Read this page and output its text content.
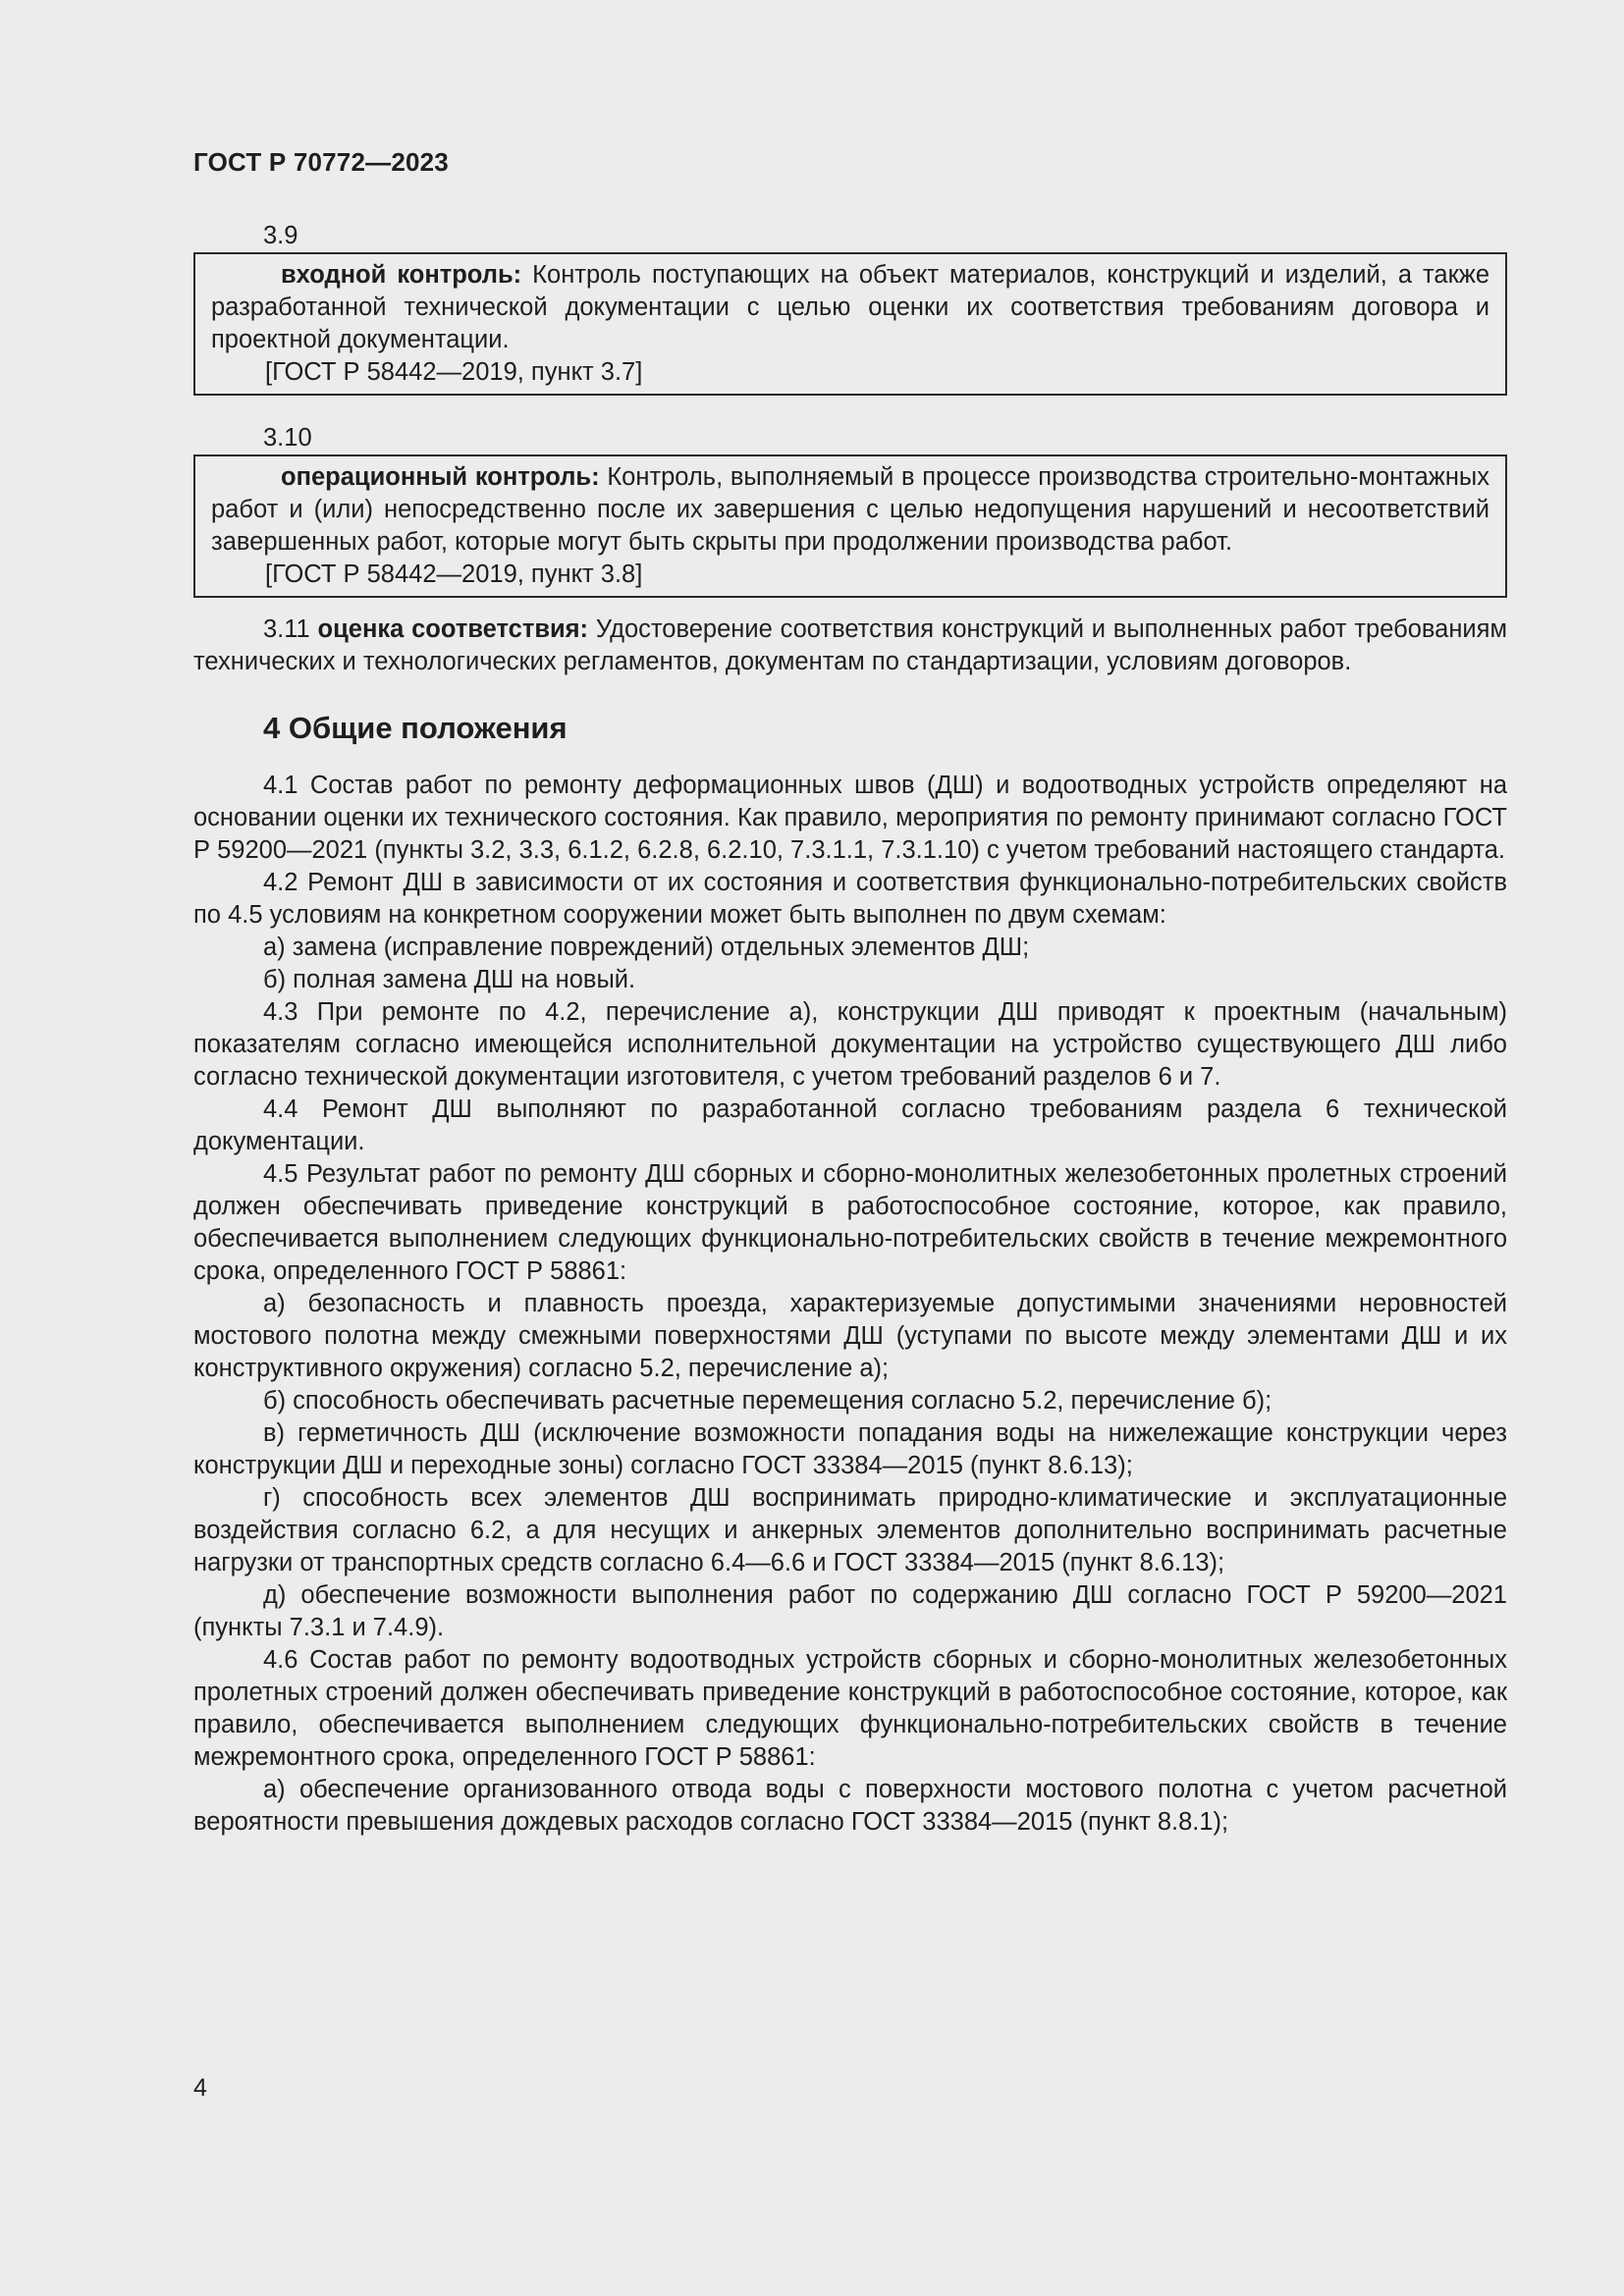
ГОСТ Р 70772—2023

3.9

входной контроль: Контроль поступающих на объект материалов, конструкций и изделий, а также разработанной технической документации с целью оценки их соответствия требованиям договора и проектной документации.

[ГОСТ Р 58442—2019, пункт 3.7]

3.10

операционный контроль: Контроль, выполняемый в процессе производства строительно-монтажных работ и (или) непосредственно после их завершения с целью недопущения нарушений и несоответствий завершенных работ, которые могут быть скрыты при продолжении производства работ.

[ГОСТ Р 58442—2019, пункт 3.8]

3.11 оценка соответствия: Удостоверение соответствия конструкций и выполненных работ требованиям технических и технологических регламентов, документам по стандартизации, условиям договоров.

4 Общие положения

4.1 Состав работ по ремонту деформационных швов (ДШ) и водоотводных устройств определяют на основании оценки их технического состояния. Как правило, мероприятия по ремонту принимают согласно ГОСТ Р 59200—2021 (пункты 3.2, 3.3, 6.1.2, 6.2.8, 6.2.10, 7.3.1.1, 7.3.1.10) с учетом требований настоящего стандарта.

4.2 Ремонт ДШ в зависимости от их состояния и соответствия функционально-потребительских свойств по 4.5 условиям на конкретном сооружении может быть выполнен по двум схемам:

а) замена (исправление повреждений) отдельных элементов ДШ;

б) полная замена ДШ на новый.

4.3 При ремонте по 4.2, перечисление а), конструкции ДШ приводят к проектным (начальным) показателям согласно имеющейся исполнительной документации на устройство существующего ДШ либо согласно технической документации изготовителя, с учетом требований разделов 6 и 7.

4.4 Ремонт ДШ выполняют по разработанной согласно требованиям раздела 6 технической документации.

4.5 Результат работ по ремонту ДШ сборных и сборно-монолитных железобетонных пролетных строений должен обеспечивать приведение конструкций в работоспособное состояние, которое, как правило, обеспечивается выполнением следующих функционально-потребительских свойств в течение межремонтного срока, определенного ГОСТ Р 58861:

а) безопасность и плавность проезда, характеризуемые допустимыми значениями неровностей мостового полотна между смежными поверхностями ДШ (уступами по высоте между элементами ДШ и их конструктивного окружения) согласно 5.2, перечисление а);

б) способность обеспечивать расчетные перемещения согласно 5.2, перечисление б);

в) герметичность ДШ (исключение возможности попадания воды на нижележащие конструкции через конструкции ДШ и переходные зоны) согласно ГОСТ 33384—2015 (пункт 8.6.13);

г) способность всех элементов ДШ воспринимать природно-климатические и эксплуатационные воздействия согласно 6.2, а для несущих и анкерных элементов дополнительно воспринимать расчетные нагрузки от транспортных средств согласно 6.4—6.6 и ГОСТ 33384—2015 (пункт 8.6.13);

д) обеспечение возможности выполнения работ по содержанию ДШ согласно ГОСТ Р 59200—2021 (пункты 7.3.1 и 7.4.9).

4.6 Состав работ по ремонту водоотводных устройств сборных и сборно-монолитных железобетонных пролетных строений должен обеспечивать приведение конструкций в работоспособное состояние, которое, как правило, обеспечивается выполнением следующих функционально-потребительских свойств в течение межремонтного срока, определенного ГОСТ Р 58861:

а) обеспечение организованного отвода воды с поверхности мостового полотна с учетом расчетной вероятности превышения дождевых расходов согласно ГОСТ 33384—2015 (пункт 8.8.1);

4
